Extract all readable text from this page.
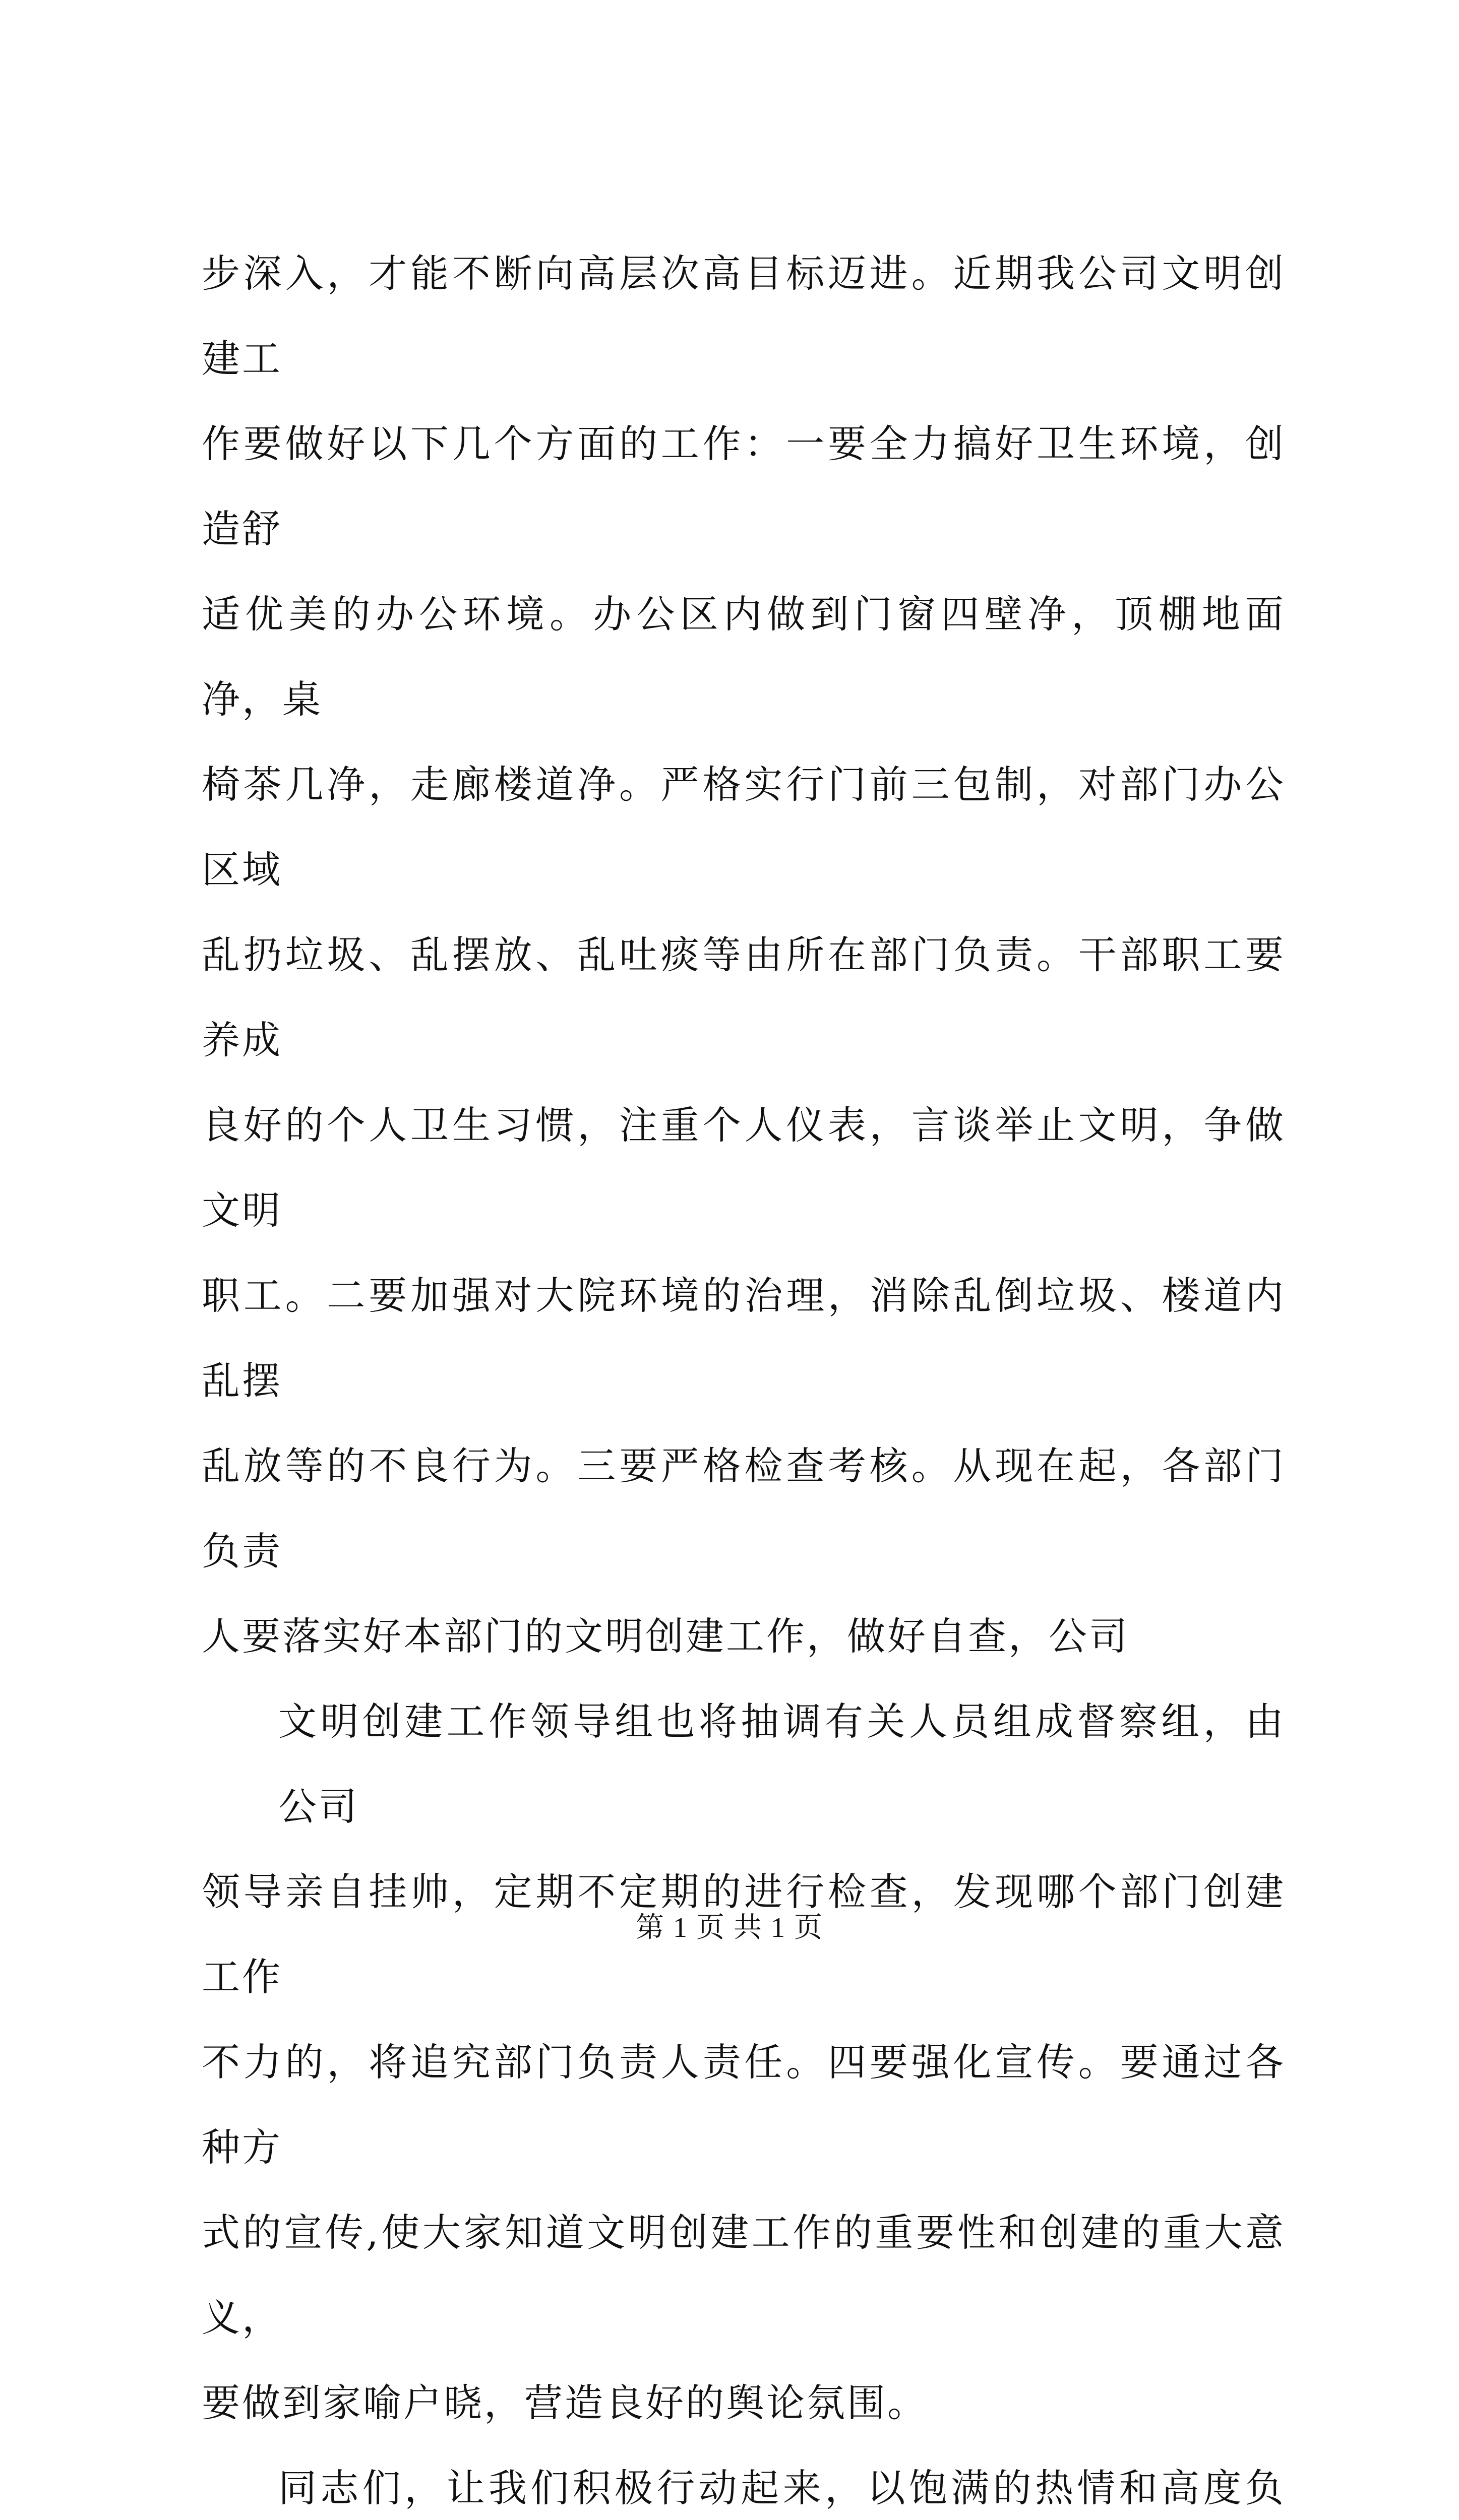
步深入，才能不断向高层次高目标迈进。近期我公司文明创建工
作要做好以下几个方面的工作：一要全力搞好卫生环境，创造舒
适优美的办公环境。办公区内做到门窗四壁净，顶棚地面净，桌
椅茶几净，走廊楼道净。严格实行门前三包制，对部门办公区域
乱扔垃圾、乱摆放、乱吐痰等由所在部门负责。干部职工要养成
良好的个人卫生习惯，注重个人仪表，言谈举止文明，争做文明
职工。二要加强对大院环境的治理，消除乱倒垃圾、楼道内乱摆
乱放等的不良行为。三要严格检查考核。从现在起，各部门负责
人要落实好本部门的文明创建工作，做好自查，公司

文明创建工作领导组也将抽调有关人员组成督察组，由公司
领导亲自挂帅，定期不定期的进行检查，发现哪个部门创建工作
不力的，将追究部门负责人责任。四要强化宣传。要通过各种方
式的宣传,使大家知道文明创建工作的重要性和创建的重大意义，
要做到家喻户晓，营造良好的舆论氛围。

同志们，让我们积极行动起来，以饱满的热情和高度负

第 1 页 共 1 页
